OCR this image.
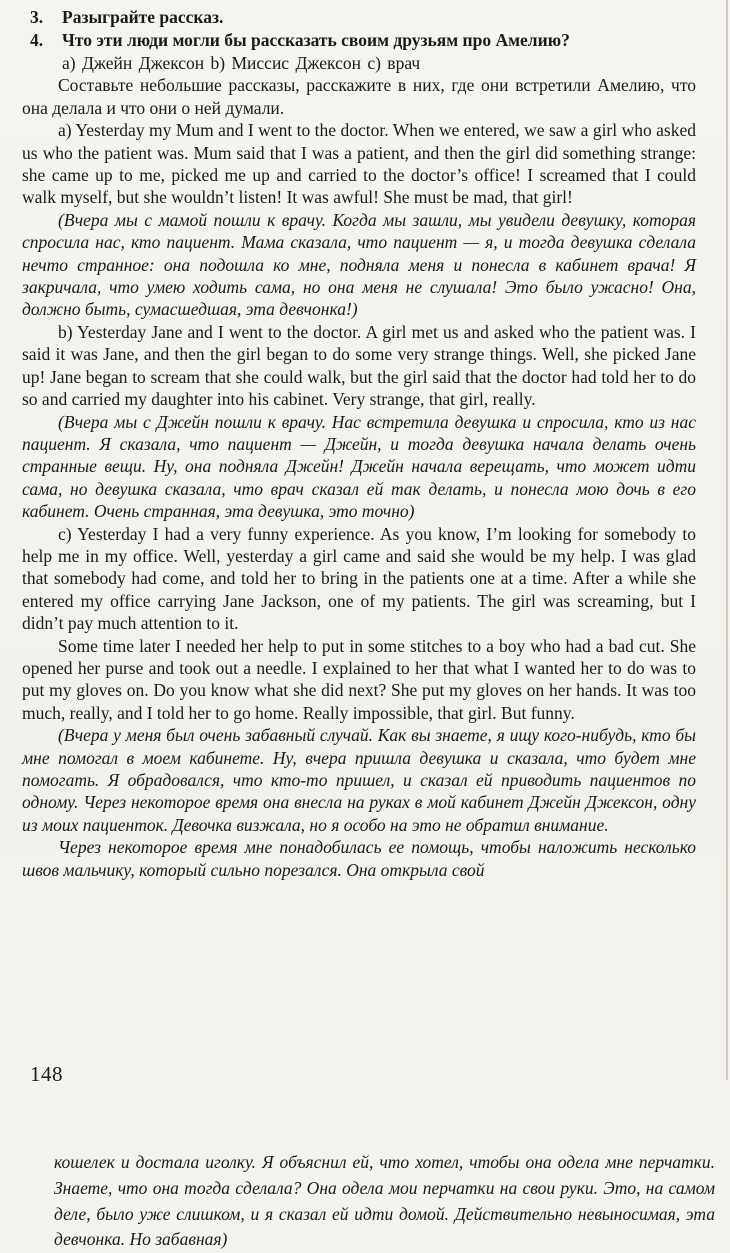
3.	Разыграйте рассказ.

4.	Что эти люди могли бы рассказать своим друзьям про Амелию?

а) Джейн Джексон b) Миссис Джексон с) врач

Составьте небольшие рассказы, расскажите в них, где они встретили Амелию, что она делала и что они о ней думали.

a) Yesterday my Mum and I went to the doctor. When we entered, we saw a girl who asked us who the patient was. Mum said that I was a patient, and then the girl did something strange: she came up to me, picked me up and carried to the doctor’s office! I screamed that I could walk myself, but she wouldn’t listen! It was awful! She must be mad, that girl!

(Вчера мы с мамой пошли к врачу. Когда мы зашли, мы увидели девушку, которая спросила нас, кто пациент. Мама сказала, что пациент — я, и тогда девушка сделала нечто странное: она подошла ко мне, подняла меня и понесла в кабинет врача! Я закричала, что умею ходить сама, но она меня не слушала! Это было ужасно! Она, должно быть, сумасшедшая, эта девчонка!)

b) Yesterday Jane and I went to the doctor. A girl met us and asked who the patient was. I said it was Jane, and then the girl began to do some very strange things. Well, she picked Jane up! Jane began to scream that she could walk, but the girl said that the doctor had told her to do so and carried my daughter into his cabinet. Very strange, that girl, really.

(Вчера мы с Джейн пошли к врачу. Нас встретила девушка и спросила, кто из нас пациент. Я сказала, что пациент — Джейн, и тогда девушка начала делать очень странные вещи. Ну, она подняла Джейн! Джейн начала верещать, что может идти сама, но девушка сказала, что врач сказал ей так делать, и понесла мою дочь в его кабинет. Очень странная, эта девушка, это точно)

c) Yesterday I had a very funny experience. As you know, I’m looking for somebody to help me in my office. Well, yesterday a girl came and said she would be my help. I was glad that somebody had come, and told her to bring in the patients one at a time. After a while she entered my office carrying Jane Jackson, one of my patients. The girl was screaming, but I didn’t pay much attention to it.

Some time later I needed her help to put in some stitches to a boy who had a bad cut. She opened her purse and took out a needle. I explained to her that what I wanted her to do was to put my gloves on. Do you know what she did next? She put my gloves on her hands. It was too much, really, and I told her to go home. Really impossible, that girl. But funny.

(Вчера у меня был очень забавный случай. Как вы знаете, я ищу кого-нибудь, кто бы мне помогал в моем кабинете. Ну, вчера пришла девушка и сказала, что будет мне помогать. Я обрадовался, что кто-то пришел, и сказал ей приводить пациентов по одному. Через некоторое время она внесла на руках в мой кабинет Джейн Джексон, одну из моих пациенток. Девочка визжала, но я особо на это не обратил внимание.

Через некоторое время мне понадобилась ее помощь, чтобы наложить несколько швов мальчику, который сильно порезался. Она открыла свой

148

кошелек и достала иголку. Я объяснил ей, что хотел, чтобы она одела мне перчатки. Знаете, что она тогда сделала? Она одела мои перчатки на свои руки. Это, на самом деле, было уже слишком, и я сказал ей идти домой. Действительно невыносимая, эта девчонка. Но забавная)
